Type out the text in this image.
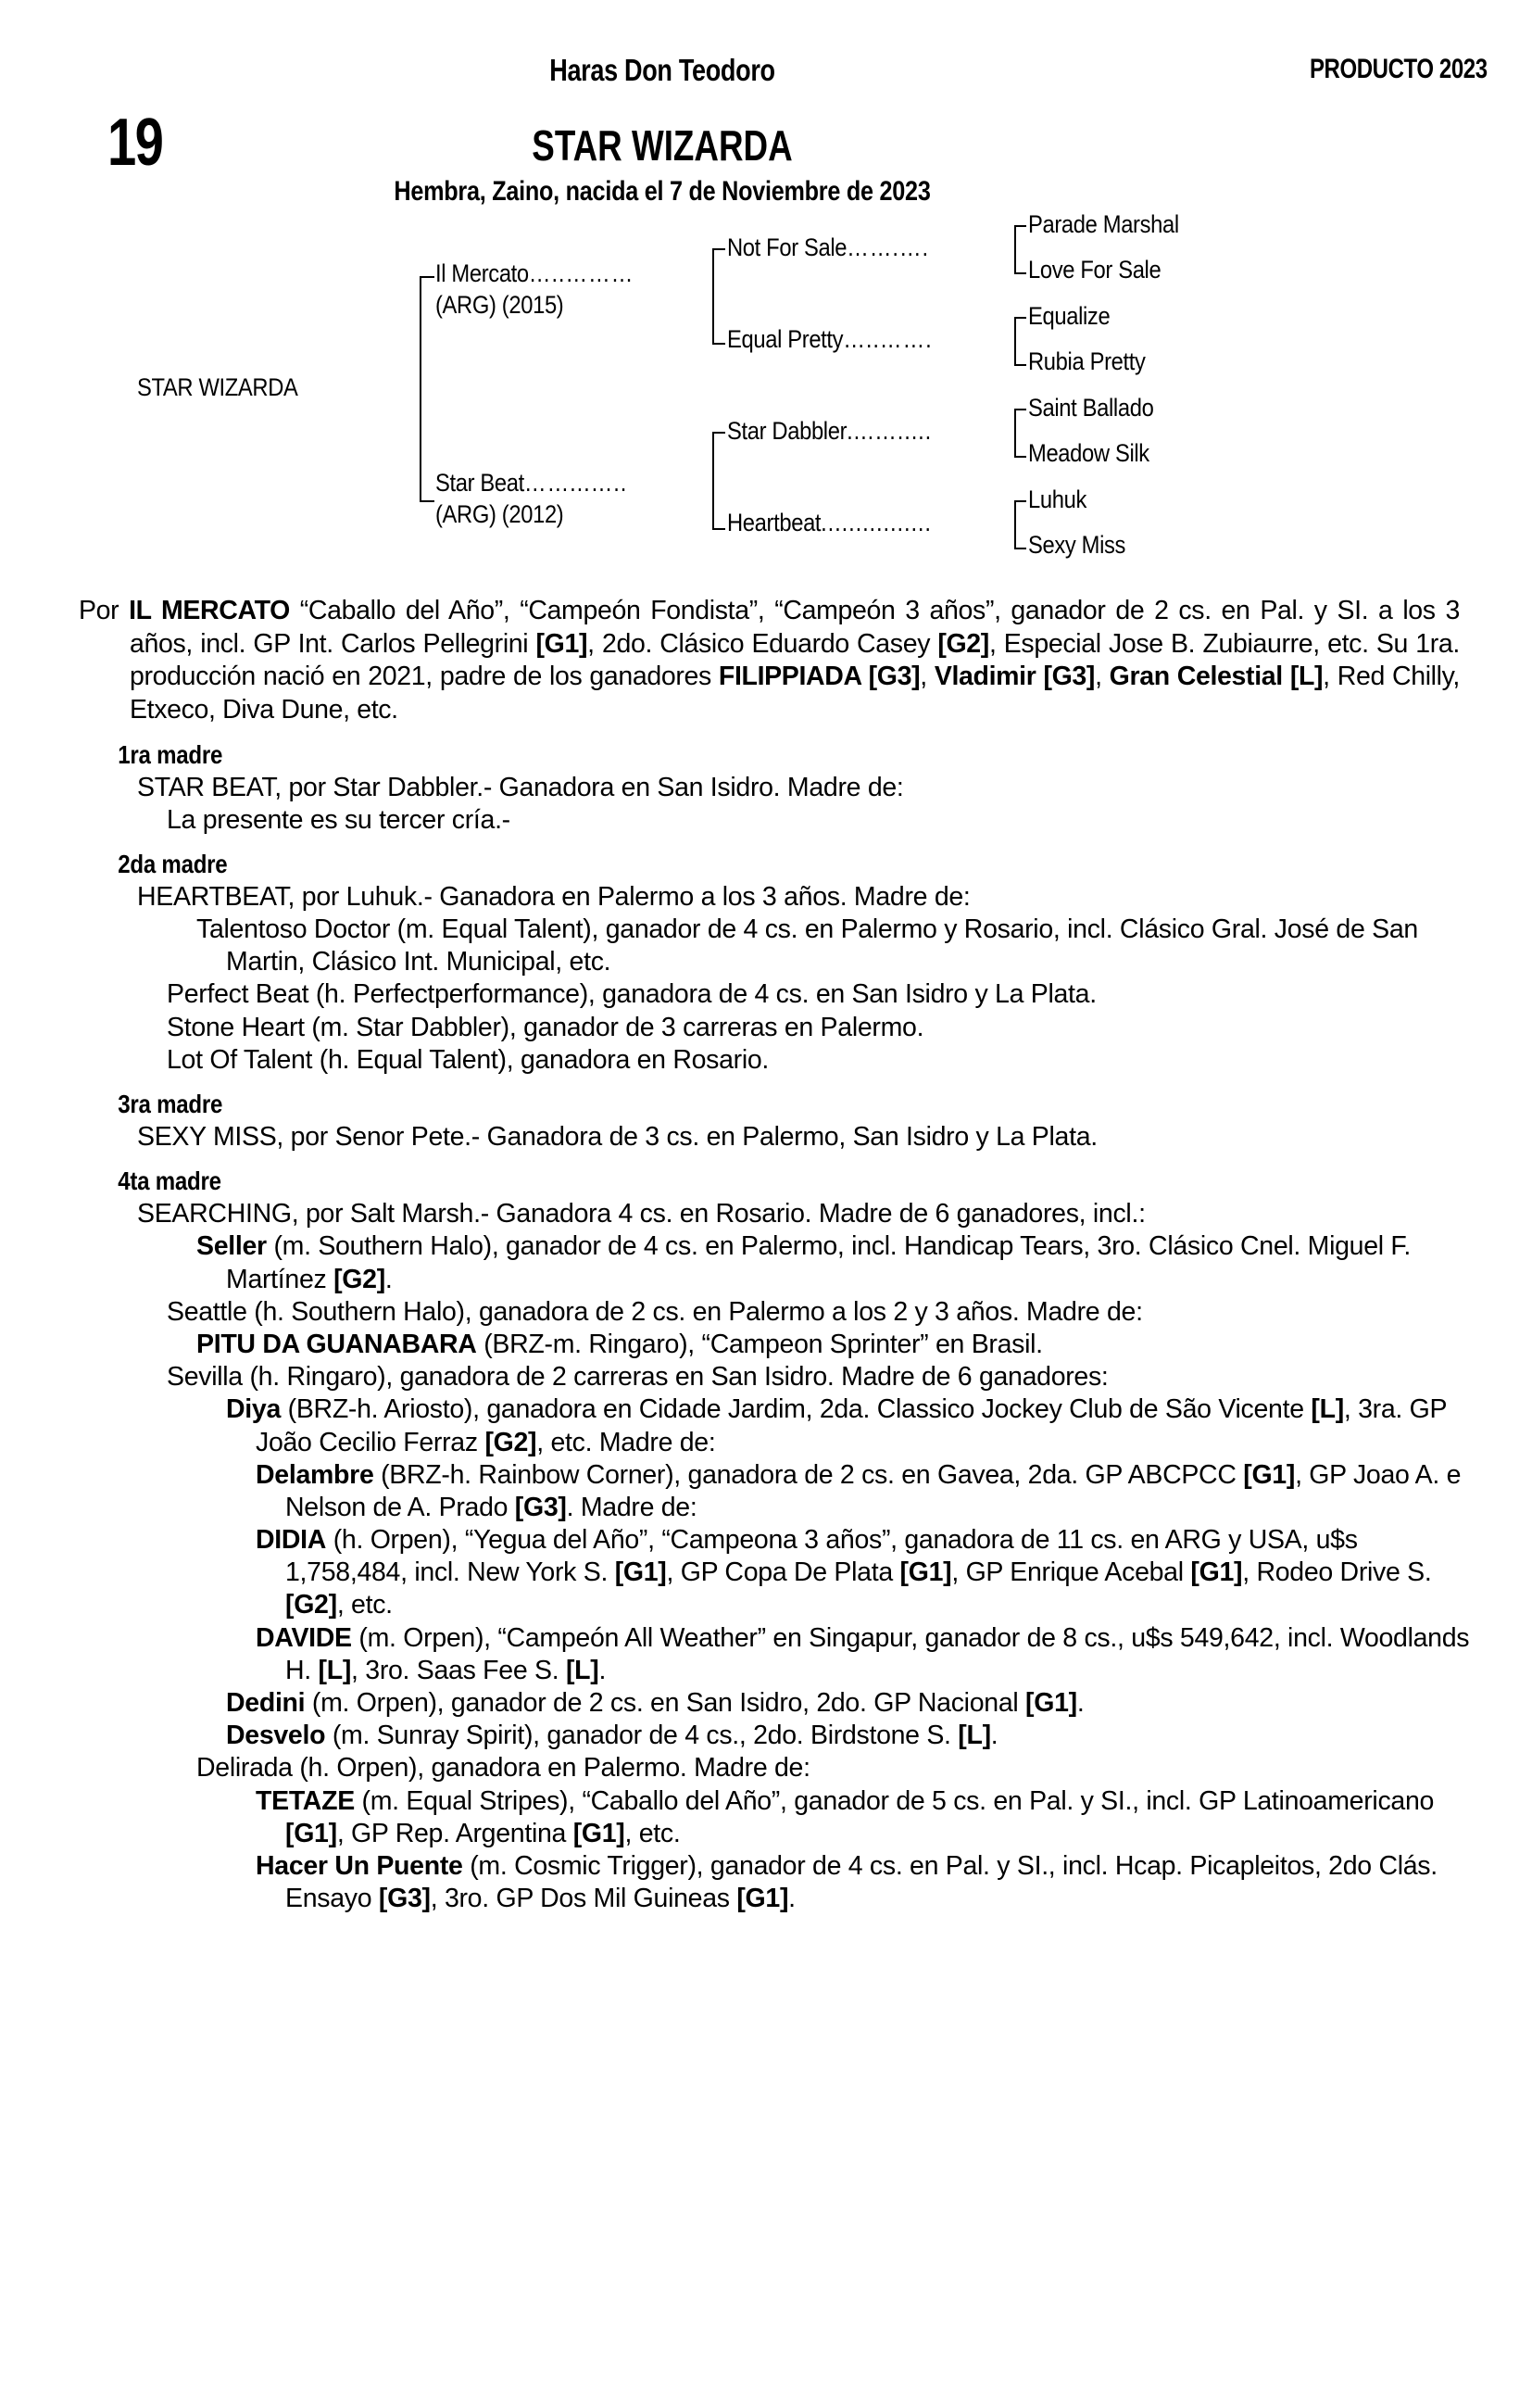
Haras Don Teodoro	PRODUCTO 2023
19	STAR WIZARDA
Hembra, Zaino, nacida el 7 de Noviembre de 2023
STAR WIZARDA
Il Mercato…..………
(ARG) (2015)
Star Beat……...…..
(ARG) (2012)
Not For Sale…….….
Equal Pretty…..…….
Star Dabbler....….....
Heartbeat................
Parade Marshal
Love For Sale
Equalize
Rubia Pretty
Saint Ballado
Meadow Silk
Luhuk
Sexy Miss

Por IL MERCATO “Caballo del Año”, “Campeón Fondista”, “Campeón 3 años”, ganador de 2 cs. en Pal. y SI. a los 3 años, incl. GP Int. Carlos Pellegrini [G1], 2do. Clásico Eduardo Casey [G2], Especial Jose B. Zubiaurre, etc. Su 1ra. producción nació en 2021, padre de los ganadores FILIPPIADA [G3], Vladimir [G3], Gran Celestial [L], Red Chilly, Etxeco, Diva Dune, etc.

1ra madre

STAR BEAT, por Star Dabbler.- Ganadora en San Isidro. Madre de:

La presente es su tercer cría.-

2da madre

HEARTBEAT, por Luhuk.- Ganadora en Palermo a los 3 años. Madre de:

Talentoso Doctor (m. Equal Talent), ganador de 4 cs. en Palermo y Rosario, incl. Clásico Gral. José de San Martin, Clásico Int. Municipal, etc.

Perfect Beat (h. Perfectperformance), ganadora de 4 cs. en San Isidro y La Plata.

Stone Heart (m. Star Dabbler), ganador de 3 carreras en Palermo.

Lot Of Talent (h. Equal Talent), ganadora en Rosario.

3ra madre

SEXY MISS, por Senor Pete.- Ganadora de 3 cs. en Palermo, San Isidro y La Plata.

4ta madre

SEARCHING, por Salt Marsh.- Ganadora 4 cs. en Rosario. Madre de 6 ganadores, incl.:

Seller (m. Southern Halo), ganador de 4 cs. en Palermo, incl. Handicap Tears, 3ro. Clásico Cnel. Miguel F. Martínez [G2].

Seattle (h. Southern Halo), ganadora de 2 cs. en Palermo a los 2 y 3 años. Madre de:

PITU DA GUANABARA (BRZ-m. Ringaro), “Campeon Sprinter” en Brasil.

Sevilla (h. Ringaro), ganadora de 2 carreras en San Isidro. Madre de 6 ganadores:

Diya (BRZ-h. Ariosto), ganadora en Cidade Jardim, 2da. Classico Jockey Club de São Vicente [L], 3ra. GP João Cecilio Ferraz [G2], etc. Madre de:

Delambre (BRZ-h. Rainbow Corner), ganadora de 2 cs. en Gavea, 2da. GP ABCPCC [G1], GP Joao A. e Nelson de A. Prado [G3]. Madre de:

DIDIA (h. Orpen), “Yegua del Año”, “Campeona 3 años”, ganadora de 11 cs. en ARG y USA, u$s 1,758,484, incl. New York S. [G1], GP Copa De Plata [G1], GP Enrique Acebal [G1], Rodeo Drive S. [G2], etc.

DAVIDE (m. Orpen), “Campeón All Weather” en Singapur, ganador de 8 cs., u$s 549,642, incl. Woodlands H. [L], 3ro. Saas Fee S. [L].

Dedini (m. Orpen), ganador de 2 cs. en San Isidro, 2do. GP Nacional [G1].

Desvelo (m. Sunray Spirit), ganador de 4 cs., 2do. Birdstone S. [L].

Delirada (h. Orpen), ganadora en Palermo. Madre de:

TETAZE (m. Equal Stripes), “Caballo del Año”, ganador de 5 cs. en Pal. y SI., incl. GP Latinoamericano [G1], GP Rep. Argentina [G1], etc.

Hacer Un Puente (m. Cosmic Trigger), ganador de 4 cs. en Pal. y SI., incl. Hcap. Picapleitos, 2do Clás. Ensayo [G3], 3ro. GP Dos Mil Guineas [G1].
